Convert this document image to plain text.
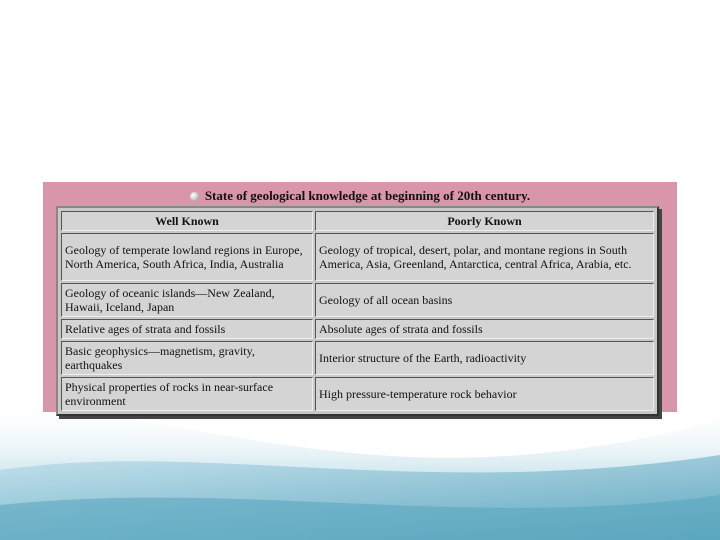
State of geological knowledge at beginning of 20th century.
Well Known	Poorly Known
Geology of temperate lowland regions in Europe, North America, South Africa, India, Australia	Geology of tropical, desert, polar, and montane regions in South America, Asia, Greenland, Antarctica, central Africa, Arabia, etc.
Geology of oceanic islands—New Zealand, Hawaii, Iceland, Japan	Geology of all ocean basins
Relative ages of strata and fossils	Absolute ages of strata and fossils
Basic geophysics—magnetism, gravity, earthquakes	Interior structure of the Earth, radioactivity
Physical properties of rocks in near-surface environment	High pressure-temperature rock behavior
